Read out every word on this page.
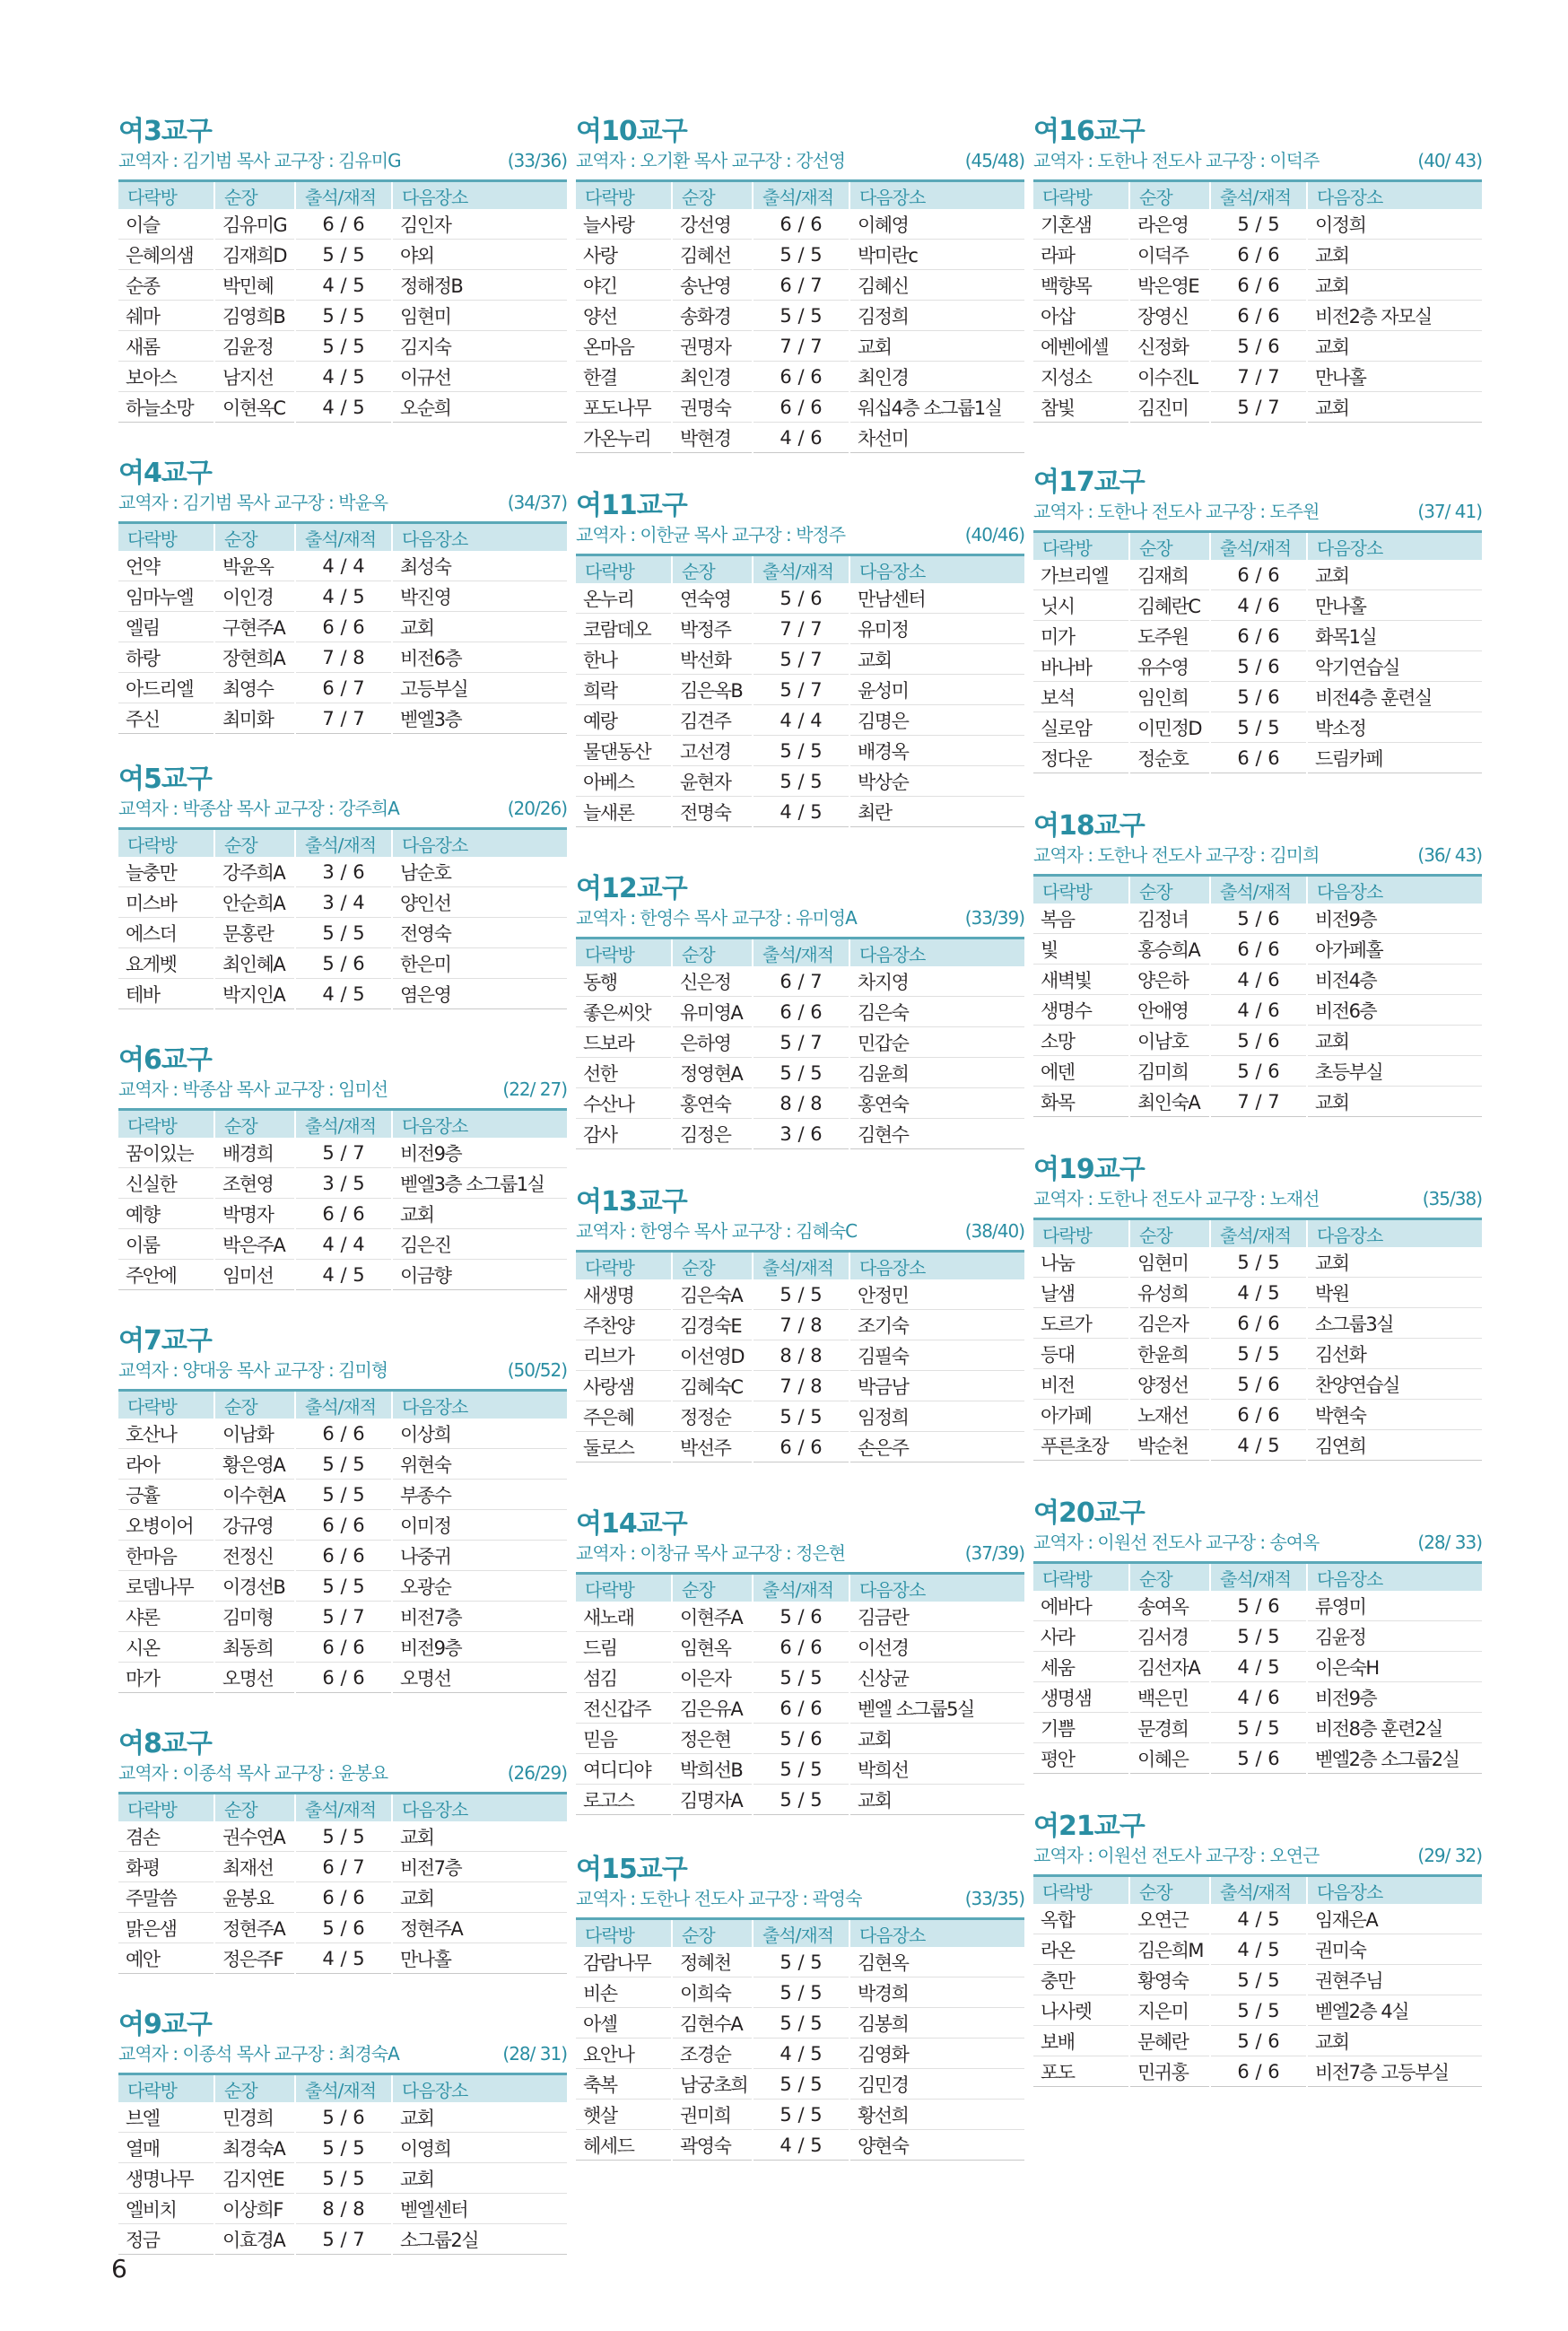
여3교구
교역자 : 김기범 목사 교구장 : 김유미G	(33/36)
다락방	순장	출석/재적	다음장소
이슬	김유미G	6 / 6	김인자
은혜의샘	김재희D	5 / 5	야외
순종	박민혜	4 / 5	정해정B
쉐마	김영희B	5 / 5	임현미
새롬	김윤정	5 / 5	김지숙
보아스	남지선	4 / 5	이규선
하늘소망	이현옥C	4 / 5	오순희
여4교구
교역자 : 김기범 목사 교구장 : 박윤옥	(34/37)
다락방	순장	출석/재적	다음장소
언약	박윤옥	4 / 4	최성숙
임마누엘	이인경	4 / 5	박진영
엘림	구현주A	6 / 6	교회
하랑	장현희A	7 / 8	비전6층
아드리엘	최영수	6 / 7	고등부실
주신	최미화	7 / 7	벧엘3층
여5교구
교역자 : 박종삼 목사 교구장 : 강주희A	(20/26)
다락방	순장	출석/재적	다음장소
늘충만	강주희A	3 / 6	남순호
미스바	안순희A	3 / 4	양인선
에스더	문홍란	5 / 5	전영숙
요게벳	최인혜A	5 / 6	한은미
테바	박지인A	4 / 5	염은영
여6교구
교역자 : 박종삼 목사 교구장 : 임미선	(22/ 27)
다락방	순장	출석/재적	다음장소
꿈이있는	배경희	5 / 7	비전9층
신실한	조현영	3 / 5	벧엘3층 소그룹1실
예향	박명자	6 / 6	교회
이룸	박은주A	4 / 4	김은진
주안에	임미선	4 / 5	이금향
여7교구
교역자 : 양대웅 목사 교구장 : 김미형	(50/52)
다락방	순장	출석/재적	다음장소
호산나	이남화	6 / 6	이상희
라아	황은영A	5 / 5	위현숙
긍휼	이수현A	5 / 5	부종수
오병이어	강규영	6 / 6	이미정
한마음	전정신	6 / 6	나중귀
로뎀나무	이경선B	5 / 5	오광순
샤론	김미형	5 / 7	비전7층
시온	최동희	6 / 6	비전9층
마가	오명선	6 / 6	오명선
여8교구
교역자 : 이종석 목사 교구장 : 윤봉요	(26/29)
다락방	순장	출석/재적	다음장소
겸손	권수연A	5 / 5	교회
화평	최재선	6 / 7	비전7층
주말씀	윤봉요	6 / 6	교회
맑은샘	정현주A	5 / 6	정현주A
예안	정은주F	4 / 5	만나홀
여9교구
교역자 : 이종석 목사 교구장 : 최경숙A	(28/ 31)
다락방	순장	출석/재적	다음장소
브엘	민경희	5 / 6	교회
열매	최경숙A	5 / 5	이영희
생명나무	김지연E	5 / 5	교회
엘비치	이상희F	8 / 8	벧엘센터
정금	이효경A	5 / 7	소그룹2실
여10교구
교역자 : 오기환 목사 교구장 : 강선영	(45/48)
다락방	순장	출석/재적	다음장소
늘사랑	강선영	6 / 6	이혜영
사랑	김혜선	5 / 5	박미란c
야긴	송난영	6 / 7	김혜신
양선	송화경	5 / 5	김정희
온마음	권명자	7 / 7	교회
한결	최인경	6 / 6	최인경
포도나무	권명숙	6 / 6	워십4층 소그룹1실
가온누리	박현경	4 / 6	차선미
여11교구
교역자 : 이한균 목사 교구장 : 박정주	(40/46)
다락방	순장	출석/재적	다음장소
온누리	연숙영	5 / 6	만남센터
코람데오	박정주	7 / 7	유미정
한나	박선화	5 / 7	교회
희락	김은옥B	5 / 7	윤성미
예랑	김견주	4 / 4	김명은
물댄동산	고선경	5 / 5	배경옥
아베스	윤현자	5 / 5	박상순
늘새론	전명숙	4 / 5	최란
여12교구
교역자 : 한영수 목사 교구장 : 유미영A	(33/39)
다락방	순장	출석/재적	다음장소
동행	신은정	6 / 7	차지영
좋은씨앗	유미영A	6 / 6	김은숙
드보라	은하영	5 / 7	민갑순
선한	정영현A	5 / 5	김윤희
수산나	홍연숙	8 / 8	홍연숙
감사	김정은	3 / 6	김현수
여13교구
교역자 : 한영수 목사 교구장 : 김혜숙C	(38/40)
다락방	순장	출석/재적	다음장소
새생명	김은숙A	5 / 5	안정민
주찬양	김경숙E	7 / 8	조기숙
리브가	이선영D	8 / 8	김필숙
사랑샘	김혜숙C	7 / 8	박금남
주은혜	정정순	5 / 5	임정희
둘로스	박선주	6 / 6	손은주
여14교구
교역자 : 이창규 목사 교구장 : 정은현	(37/39)
다락방	순장	출석/재적	다음장소
새노래	이현주A	5 / 6	김금란
드림	임현옥	6 / 6	이선경
섬김	이은자	5 / 5	신상균
전신갑주	김은유A	6 / 6	벧엘 소그룹5실
믿음	정은현	5 / 6	교회
여디디야	박희선B	5 / 5	박희선
로고스	김명자A	5 / 5	교회
여15교구
교역자 : 도한나 전도사 교구장 : 곽영숙	(33/35)
다락방	순장	출석/재적	다음장소
감람나무	정혜천	5 / 5	김현옥
비손	이희숙	5 / 5	박경희
아셀	김현수A	5 / 5	김봉희
요안나	조경순	4 / 5	김영화
축복	남궁초희	5 / 5	김민경
햇살	권미희	5 / 5	황선희
헤세드	곽영숙	4 / 5	양현숙
여16교구
교역자 : 도한나 전도사 교구장 : 이덕주	(40/ 43)
다락방	순장	출석/재적	다음장소
기혼샘	라은영	5 / 5	이정희
라파	이덕주	6 / 6	교회
백향목	박은영E	6 / 6	교회
아삽	장영신	6 / 6	비전2층 자모실
에벤에셀	신정화	5 / 6	교회
지성소	이수진L	7 / 7	만나홀
참빛	김진미	5 / 7	교회
여17교구
교역자 : 도한나 전도사 교구장 : 도주원	(37/ 41)
다락방	순장	출석/재적	다음장소
가브리엘	김재희	6 / 6	교회
닛시	김혜란C	4 / 6	만나홀
미가	도주원	6 / 6	화목1실
바나바	유수영	5 / 6	악기연습실
보석	임인희	5 / 6	비전4층 훈련실
실로암	이민정D	5 / 5	박소정
정다운	정순호	6 / 6	드림카페
여18교구
교역자 : 도한나 전도사 교구장 : 김미희	(36/ 43)
다락방	순장	출석/재적	다음장소
복음	김정녀	5 / 6	비전9층
빛	홍승희A	6 / 6	아가페홀
새벽빛	양은하	4 / 6	비전4층
생명수	안애영	4 / 6	비전6층
소망	이남호	5 / 6	교회
에덴	김미희	5 / 6	초등부실
화목	최인숙A	7 / 7	교회
여19교구
교역자 : 도한나 전도사 교구장 : 노재선	(35/38)
다락방	순장	출석/재적	다음장소
나눔	임현미	5 / 5	교회
날샘	유성희	4 / 5	박원
도르가	김은자	6 / 6	소그룹3실
등대	한윤희	5 / 5	김선화
비전	양정선	5 / 6	찬양연습실
아가페	노재선	6 / 6	박현숙
푸른초장	박순천	4 / 5	김연희
여20교구
교역자 : 이원선 전도사 교구장 : 송여옥	(28/ 33)
다락방	순장	출석/재적	다음장소
에바다	송여옥	5 / 6	류영미
사라	김서경	5 / 5	김윤정
세움	김선자A	4 / 5	이은숙H
생명샘	백은민	4 / 6	비전9층
기쁨	문경희	5 / 5	비전8층 훈련2실
평안	이혜은	5 / 6	벧엘2층 소그룹2실
여21교구
교역자 : 이원선 전도사 교구장 : 오연근	(29/ 32)
다락방	순장	출석/재적	다음장소
옥합	오연근	4 / 5	임재은A
라온	김은희M	4 / 5	권미숙
충만	황영숙	5 / 5	권현주님
나사렛	지은미	5 / 5	벧엘2층 4실
보배	문혜란	5 / 6	교회
포도	민귀홍	6 / 6	비전7층 고등부실
6
